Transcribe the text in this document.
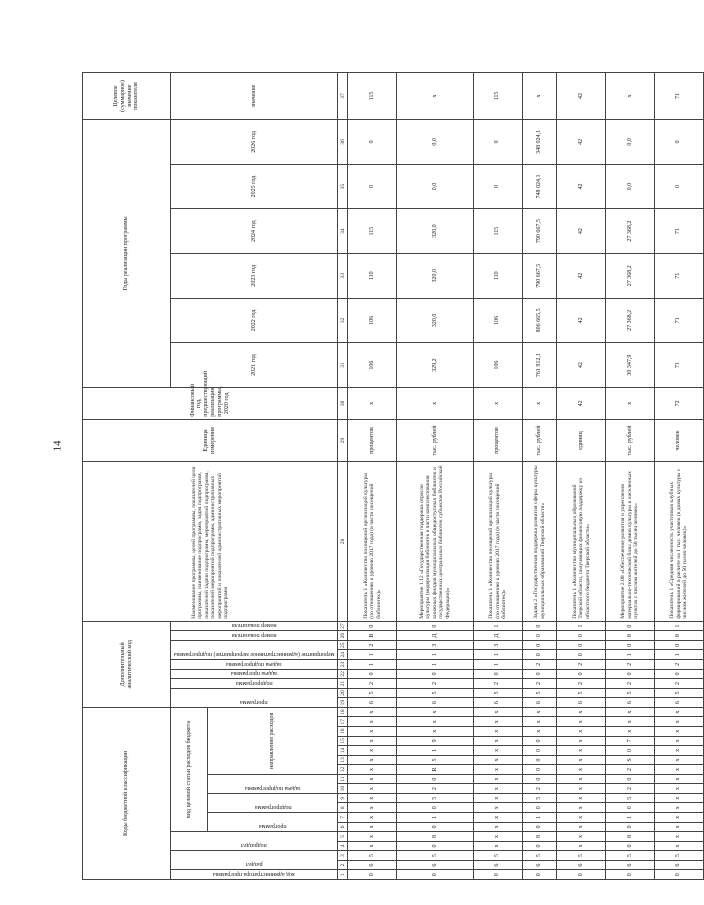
14
Коды бюджетной классификации																		Дополнительный аналитический код									Наименование программы, целей программы, показателей цели программы, наименование подпрограмм, задач подпрограмм, показателей задачи подпрограмм, мероприятий подпрограмм, показателей мероприятий подпрограмм, административных мероприятий и показателей административных мероприятий подпрограмм	Единица измерения	Финансовый год, предшествующий реализации программы, 2020 год	Годы реализации программы						Целевое (суммарное) значение показателя

код администратора программы	раздел		подраздел		вид целевой статьи расходов бюджета													программа		подпрограмма	задача программы	задача подпрограммы	мероприятие (административное мероприятие) подпрограммы		номер показателя	номер показателя				2021 год	2022 год	2023 год	2024 год	2025 год	2026 год	значение

					программа		подпрограмма		задача подпрограммы		направление расходов																									
1	2	3	4	5	6	7	8	9	10	11	12	13	14	15	16	17	18	19	20	21	22	23	24	25	26	27	28	29	30	31	32	33	34	35	36	37
0	6	5	x	x	x	x	x	x	x	x	x	x	x	x	x	x	x	6	5	2	0	1	1	2	В	0	Показатель 1 «Количество посещений организаций культуры (по отношению к уровню 2017 года) (в части посещений библиотек)»	процентов	x	106	106	110	115	0	0	115
0	6	5	0	8	0	1	0	5	2	0	R	5	1	9	x	x	x	6	5	2	0	1	1	3	Д	0	Мероприятие 1.12 «Государственная поддержка отрасли культуры (модернизация библиотек в части комплектования книжных фондов муниципальных общедоступных библиотек и государственных центральных библиотек субъектов Российской Федерации)»	тыс. рублей	x	329,2	320,0	320,0	320,0	0,0	0,0	x
0	6	5	x	x	x	x	x	x	x	x	x	x	x	x	x	x	x	6	5	2	0	1	1	3	Д	1	Показатель 1 «Количество посещений организаций культуры (по отношению к уровню 2017 года) (в части посещений библиотек)»	процентов	x	106	106	110	115	0	0	115
0	6	5	0	8	0	1	0	5	2	0	0	0	0	0	x	x	x	6	5	2	0	2	0	0	0	0	Задача 2 «Государственная поддержка развития сферы культуры муниципальных образований Тверской области»	тыс. рублей	x	761 912,1	806 665,5	790 667,5	790 667,5	748 024,1	348 024,1	x
0	6	5	x	x	x	x	x	x	x	x	x	x	x	x	x	x	x	6	5	2	0	2	0	0	0	1	Показатель 1 «Количество муниципальных образований Тверской области, получающих финансовую поддержку из областного бюджета Тверской области»	единиц	42	42	42	42	42	42	42	42
0	6	5	0	8	0	1	0	5	2	0	2	S	0	7	x	x	x	6	5	2	0	2	1	0	8	0	Мероприятие 2.08 «Обеспечение развития и укрепления материально-технической базы домов культуры в населенных пунктах с числом жителей до 50 тысяч человек»	тыс. рублей	x	30 347,9	27 368,2	27 368,2	27 368,2	0,0	0,0	x
0	6	5	x	x	x	x	x	x	x	x	x	x	x	x	x	x	x	6	5	2	0	2	1	0	8	1	Показатель 1 «Средняя численность участников клубных формирований в расчете на 1 тыс. человек (в домах культуры с числом жителей до 50 тысяч человек)»	человек	72	71	71	71	71	0	0	71
